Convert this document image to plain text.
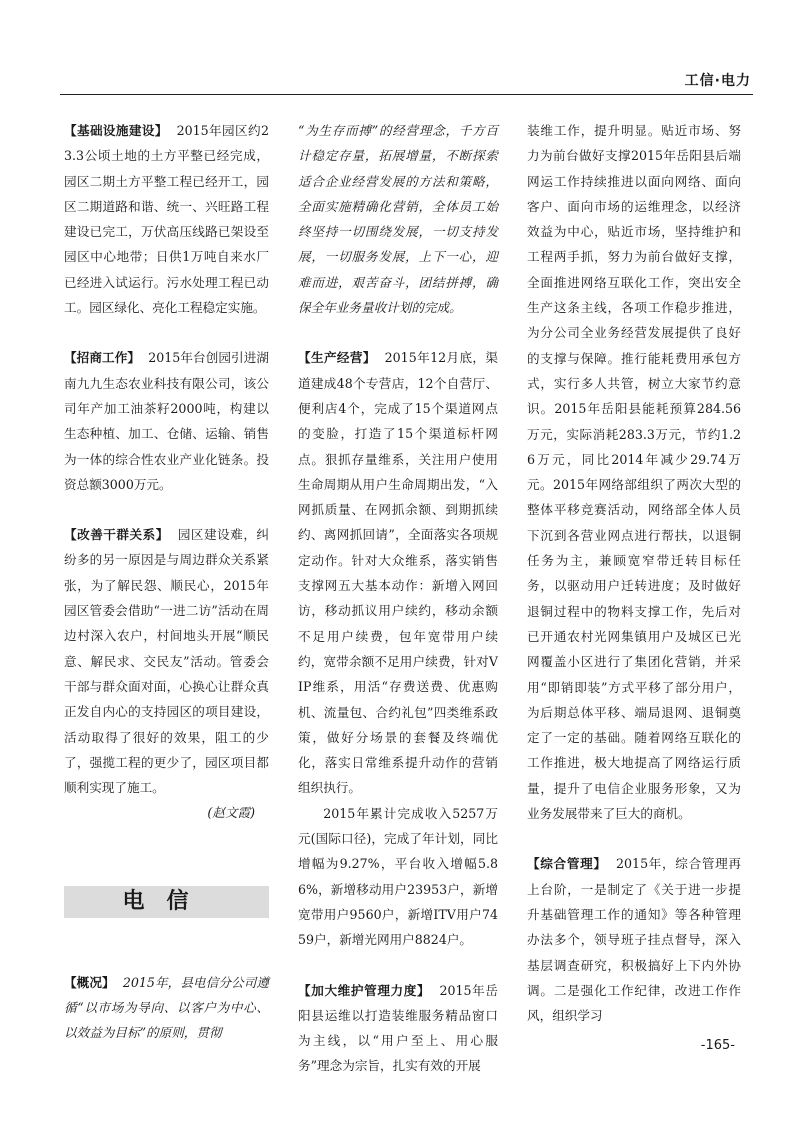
工信·电力

【基础设施建设】 2015年园区约23.3公顷土地的土方平整已经完成，园区二期土方平整工程已经开工，园区二期道路和谐、统一、兴旺路工程建设已完工，万伏高压线路已架设至园区中心地带；日供1万吨自来水厂已经进入试运行。污水处理工程已动工。园区绿化、亮化工程稳定实施。

【招商工作】 2015年台创园引进湖南九九生态农业科技有限公司，该公司年产加工油茶籽2000吨，构建以生态种植、加工、仓储、运输、销售为一体的综合性农业产业化链条。投资总额3000万元。

【改善干群关系】 园区建设难，纠纷多的另一原因是与周边群众关系紧张，为了解民怨、顺民心，2015年园区管委会借助“一进二访”活动在周边村深入农户，村间地头开展“顺民意、解民求、交民友”活动。管委会干部与群众面对面，心换心让群众真正发自内心的支持园区的项目建设，活动取得了很好的效果，阻工的少了，强揽工程的更少了，园区项目都顺利实现了施工。

(赵文霞)

电信

【概况】 2015年，县电信分公司遵循“以市场为导向、以客户为中心、以效益为目标”的原则，贯彻

“为生存而搏”的经营理念，千方百计稳定存量，拓展增量，不断探索适合企业经营发展的方法和策略，全面实施精确化营销，全体员工始终坚持一切围绕发展，一切支持发展，一切服务发展，上下一心，迎难而进，艰苦奋斗，团结拼搏，确保全年业务量收计划的完成。

【生产经营】 2015年12月底，渠道建成48个专营店，12个自营厅、便利店4个，完成了15个渠道网点的变脸，打造了15个渠道标杆网点。狠抓存量维系，关注用户使用生命周期从用户生命周期出发，“入网抓质量、在网抓余额、到期抓续约、离网抓回请”，全面落实各项规定动作。针对大众维系，落实销售支撑网五大基本动作：新增入网回访，移动抓议用户续约，移动余额不足用户续费，包年宽带用户续约，宽带余额不足用户续费，针对VIP维系，用活“存费送费、优惠购机、流量包、合约礼包”四类维系政策，做好分场景的套餐及终端优化，落实日常维系提升动作的营销组织执行。

2015年累计完成收入5257万元(国际口径)，完成了年计划，同比增幅为9.27%，平台收入增幅5.86%，新增移动用户23953户，新增宽带用户9560户，新增ITV用户7459户，新增光网用户8824户。

【加大维护管理力度】 2015年岳阳县运维以打造装维服务精品窗口为主线，以“用户至上、用心服务”理念为宗旨，扎实有效的开展

装维工作，提升明显。贴近市场、努力为前台做好支撑2015年岳阳县后端网运工作持续推进以面向网络、面向客户、面向市场的运维理念，以经济效益为中心，贴近市场，坚持维护和工程两手抓，努力为前台做好支撑，全面推进网络互联化工作，突出安全生产这条主线，各项工作稳步推进，为分公司全业务经营发展提供了良好的支撑与保障。推行能耗费用承包方式，实行多人共管，树立大家节约意识。2015年岳阳县能耗预算284.56万元，实际消耗283.3万元，节约1.26万元，同比2014年减少29.74万元。2015年网络部组织了两次大型的整体平移竞赛活动，网络部全体人员下沉到各营业网点进行帮扶，以退铜任务为主，兼顾宽窄带迁转目标任务，以驱动用户迁转进度；及时做好退铜过程中的物料支撑工作，先后对已开通农村光网集镇用户及城区已光网覆盖小区进行了集团化营销，并采用“即销即装”方式平移了部分用户，为后期总体平移、端局退网、退铜奠定了一定的基础。随着网络互联化的工作推进，极大地提高了网络运行质量，提升了电信企业服务形象，又为业务发展带来了巨大的商机。

【综合管理】 2015年，综合管理再上台阶，一是制定了《关于进一步提升基础管理工作的通知》等各种管理办法多个，领导班子挂点督导，深入基层调查研究，积极搞好上下内外协调。二是强化工作纪律，改进工作作风，组织学习

-165-
